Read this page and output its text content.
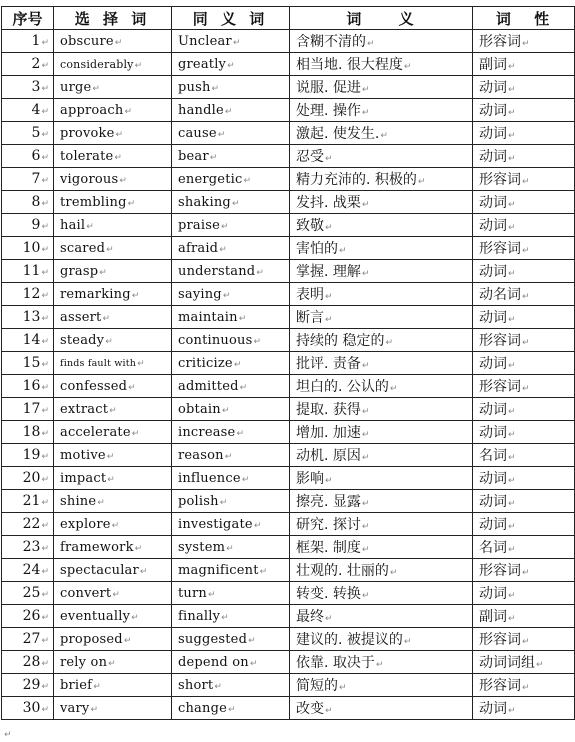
序号	选 择 词	同 义 词	词 义	词 性
1↵	obscure↵	Unclear↵	含糊不清的↵	形容词↵
2↵	considerably↵	greatly↵	相当地. 很大程度↵	副词↵
3↵	urge↵	push↵	说服. 促进↵	动词↵
4↵	approach↵	handle↵	处理. 操作↵	动词↵
5↵	provoke↵	cause↵	激起. 使发生.↵	动词↵
6↵	tolerate↵	bear↵	忍受↵	动词↵
7↵	vigorous↵	energetic↵	精力充沛的. 积极的↵	形容词↵
8↵	trembling↵	shaking↵	发抖. 战栗↵	动词↵
9↵	hail↵	praise↵	致敬↵	动词↵
10↵	scared↵	afraid↵	害怕的↵	形容词↵
11↵	grasp↵	understand↵	掌握. 理解↵	动词↵
12↵	remarking↵	saying↵	表明↵	动名词↵
13↵	assert↵	maintain↵	断言↵	动词↵
14↵	steady↵	continuous↵	持续的 稳定的↵	形容词↵
15↵	finds fault with↵	criticize↵	批评. 责备↵	动词↵
16↵	confessed↵	admitted↵	坦白的. 公认的↵	形容词↵
17↵	extract↵	obtain↵	提取. 获得↵	动词↵
18↵	accelerate↵	increase↵	增加. 加速↵	动词↵
19↵	motive↵	reason↵	动机. 原因↵	名词↵
20↵	impact↵	influence↵	影响↵	动词↵
21↵	shine↵	polish↵	擦亮. 显露↵	动词↵
22↵	explore↵	investigate↵	研究. 探讨↵	动词↵
23↵	framework↵	system↵	框架. 制度↵	名词↵
24↵	spectacular↵	magnificent↵	壮观的. 壮丽的↵	形容词↵
25↵	convert↵	turn↵	转变. 转换↵	动词↵
26↵	eventually↵	finally↵	最终↵	副词↵
27↵	proposed↵	suggested↵	建议的. 被提议的↵	形容词↵
28↵	rely on↵	depend on↵	依靠. 取决于↵	动词词组↵
29↵	brief↵	short↵	简短的↵	形容词↵
30↵	vary↵	change↵	改变↵	动词↵
↵
